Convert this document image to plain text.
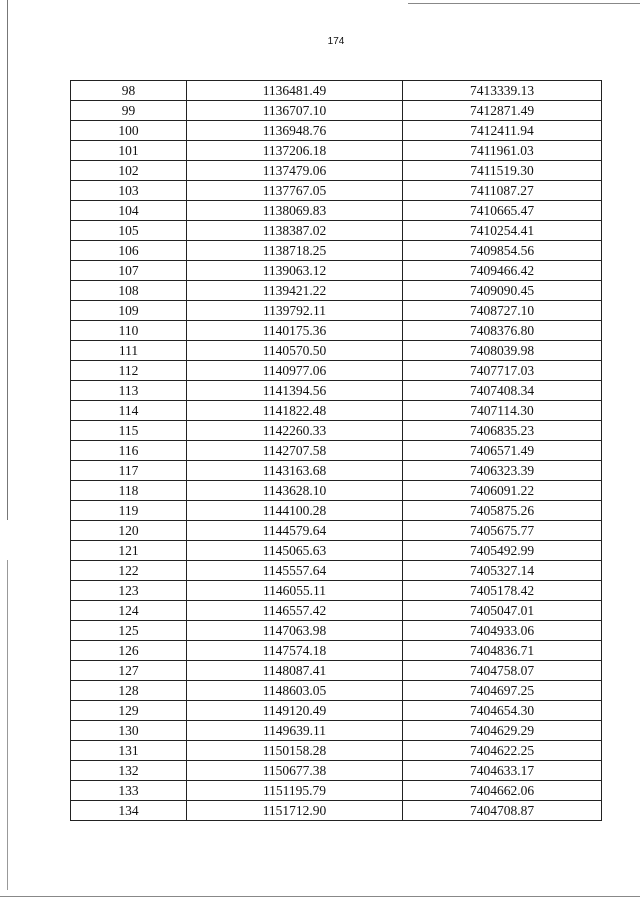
174
98	1136481.49	7413339.13
99	1136707.10	7412871.49
100	1136948.76	7412411.94
101	1137206.18	7411961.03
102	1137479.06	7411519.30
103	1137767.05	7411087.27
104	1138069.83	7410665.47
105	1138387.02	7410254.41
106	1138718.25	7409854.56
107	1139063.12	7409466.42
108	1139421.22	7409090.45
109	1139792.11	7408727.10
110	1140175.36	7408376.80
111	1140570.50	7408039.98
112	1140977.06	7407717.03
113	1141394.56	7407408.34
114	1141822.48	7407114.30
115	1142260.33	7406835.23
116	1142707.58	7406571.49
117	1143163.68	7406323.39
118	1143628.10	7406091.22
119	1144100.28	7405875.26
120	1144579.64	7405675.77
121	1145065.63	7405492.99
122	1145557.64	7405327.14
123	1146055.11	7405178.42
124	1146557.42	7405047.01
125	1147063.98	7404933.06
126	1147574.18	7404836.71
127	1148087.41	7404758.07
128	1148603.05	7404697.25
129	1149120.49	7404654.30
130	1149639.11	7404629.29
131	1150158.28	7404622.25
132	1150677.38	7404633.17
133	1151195.79	7404662.06
134	1151712.90	7404708.87
